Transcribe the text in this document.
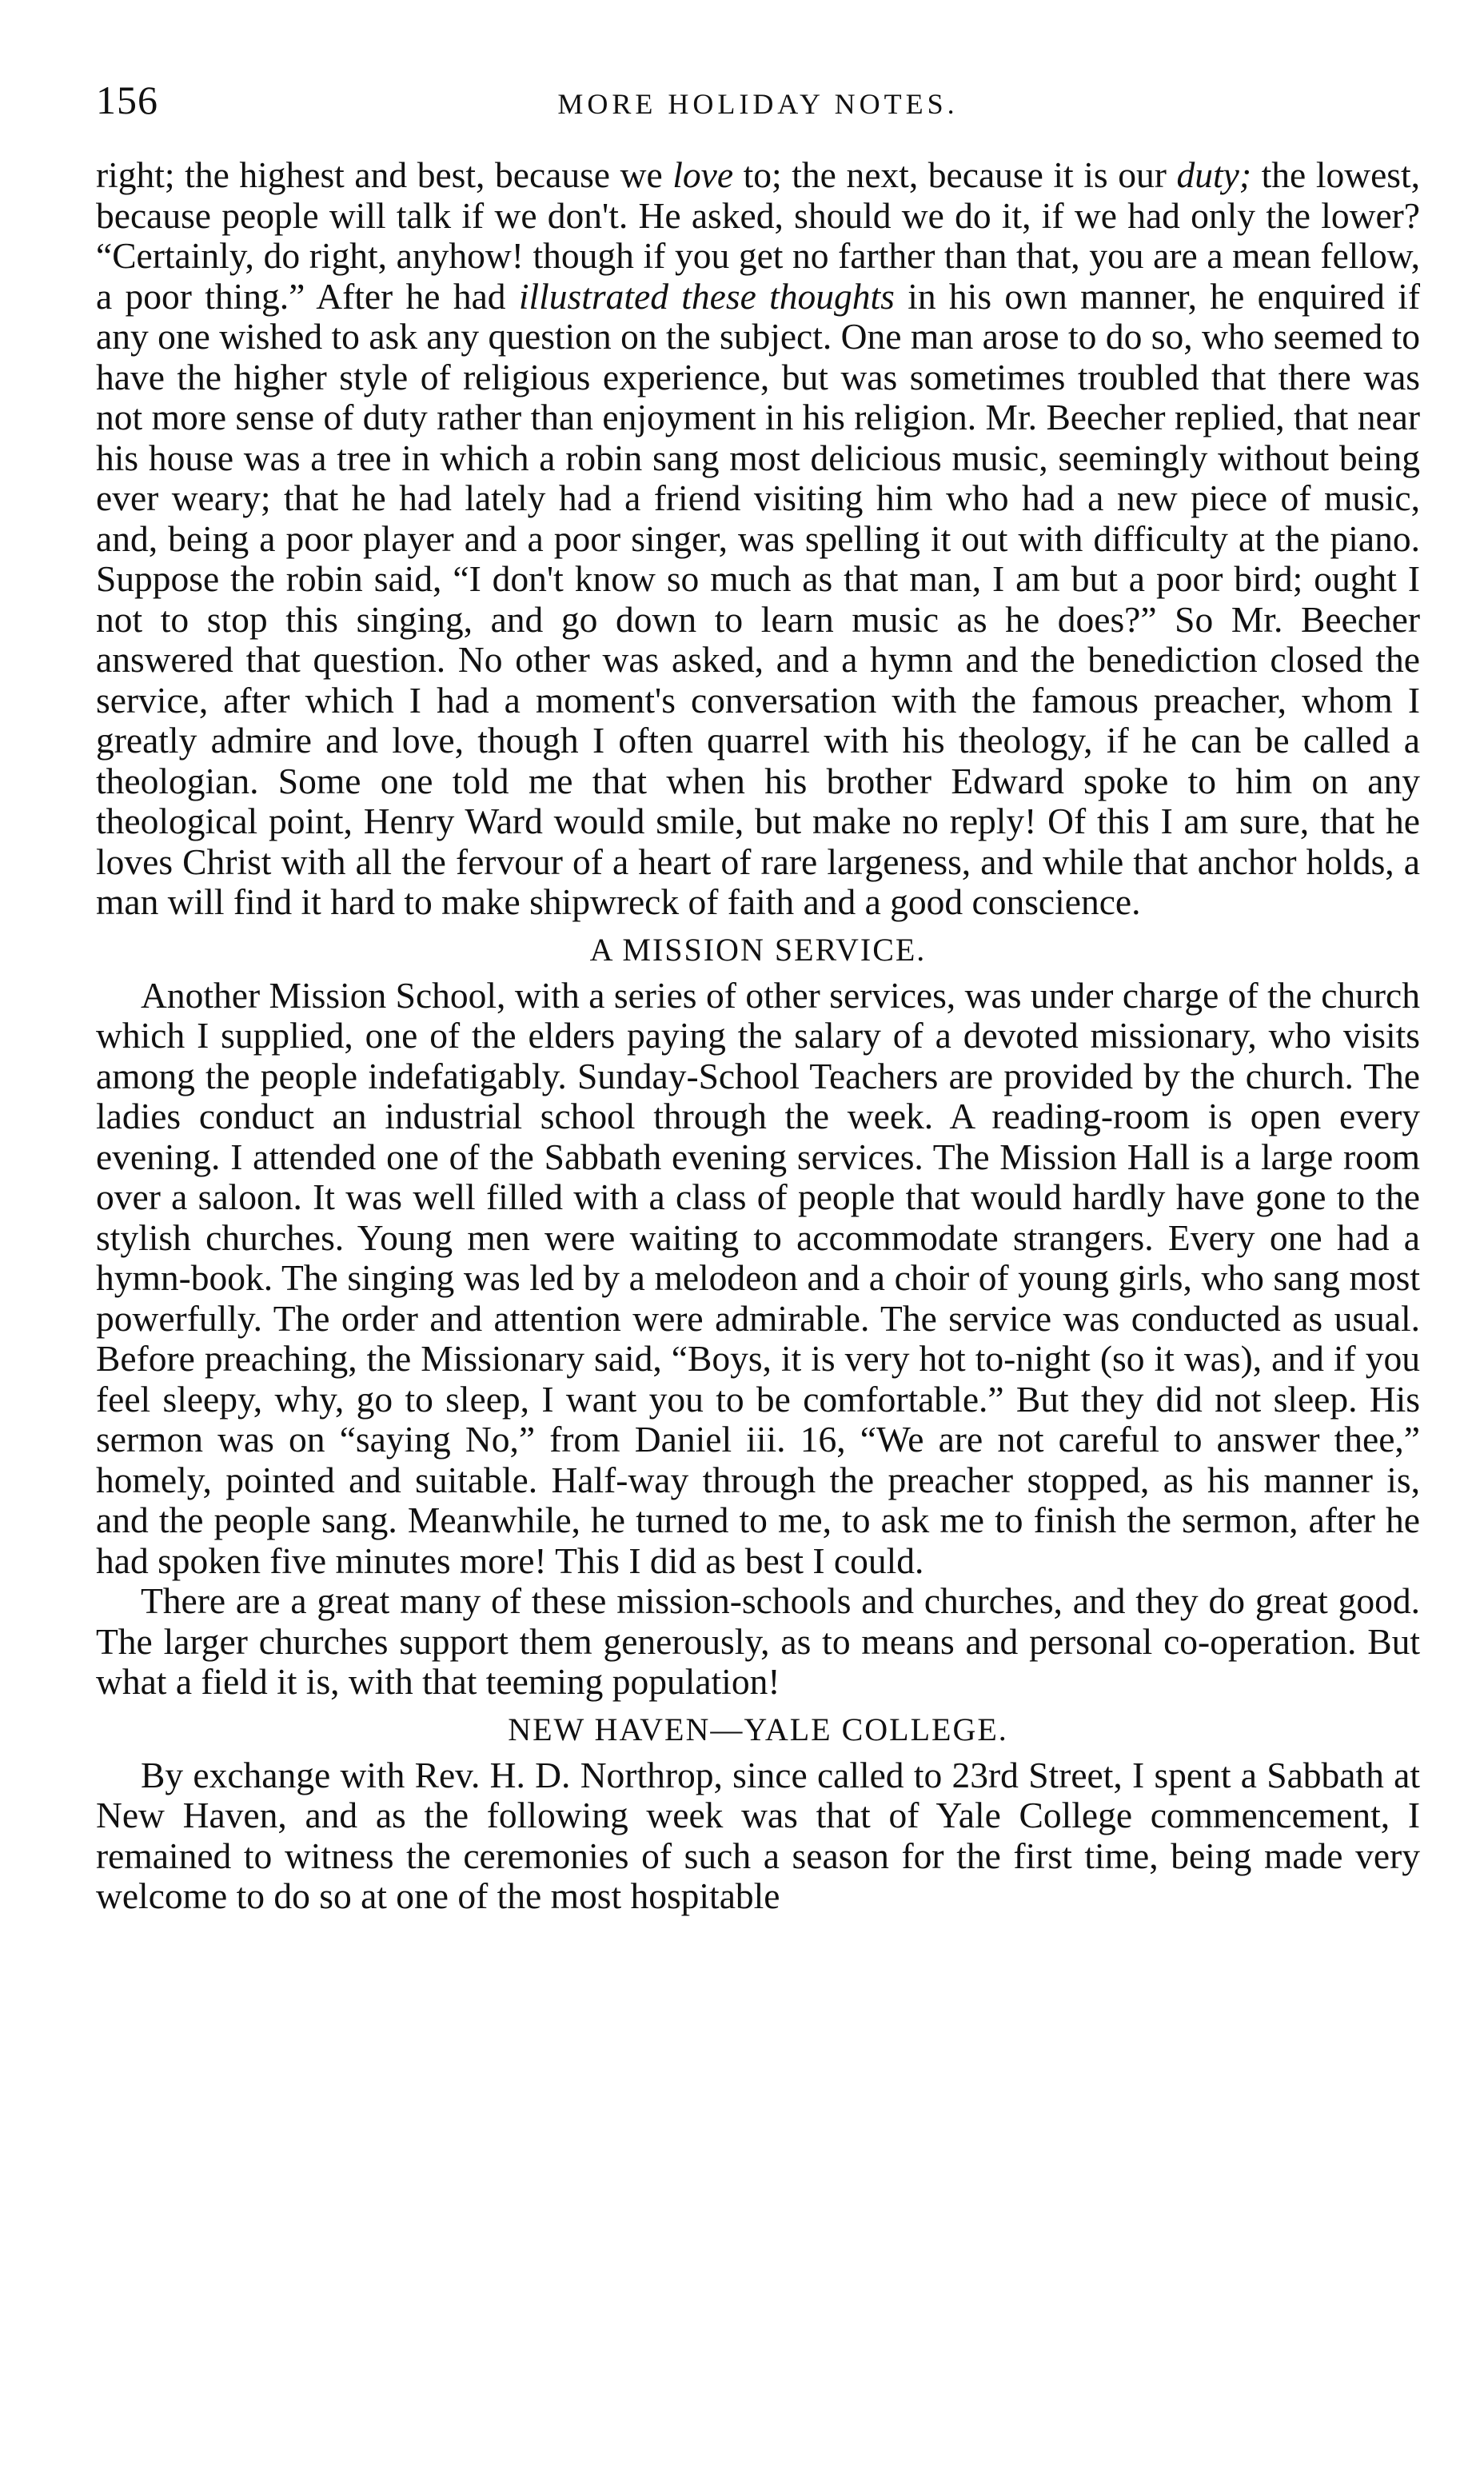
156	MORE HOLIDAY NOTES.

right; the highest and best, because we love to; the next, because it is our duty; the lowest, because people will talk if we don't. He asked, should we do it, if we had only the lower? “Certainly, do right, anyhow! though if you get no farther than that, you are a mean fellow, a poor thing.” After he had illustrated these thoughts in his own manner, he enquired if any one wished to ask any question on the subject. One man arose to do so, who seemed to have the higher style of religious experience, but was sometimes troubled that there was not more sense of duty rather than enjoyment in his religion. Mr. Beecher replied, that near his house was a tree in which a robin sang most delicious music, seemingly without being ever weary; that he had lately had a friend visiting him who had a new piece of music, and, being a poor player and a poor singer, was spelling it out with difficulty at the piano. Suppose the robin said, “I don't know so much as that man, I am but a poor bird; ought I not to stop this singing, and go down to learn music as he does?” So Mr. Beecher answered that question. No other was asked, and a hymn and the benediction closed the service, after which I had a moment's conversation with the famous preacher, whom I greatly admire and love, though I often quarrel with his theology, if he can be called a theologian. Some one told me that when his brother Edward spoke to him on any theological point, Henry Ward would smile, but make no reply! Of this I am sure, that he loves Christ with all the fervour of a heart of rare largeness, and while that anchor holds, a man will find it hard to make shipwreck of faith and a good conscience.

A MISSION SERVICE.

Another Mission School, with a series of other services, was under charge of the church which I supplied, one of the elders paying the salary of a devoted missionary, who visits among the people indefatigably. Sunday-School Teachers are provided by the church. The ladies conduct an industrial school through the week. A reading-room is open every evening. I attended one of the Sabbath evening services. The Mission Hall is a large room over a saloon. It was well filled with a class of people that would hardly have gone to the stylish churches. Young men were waiting to accommodate strangers. Every one had a hymn-book. The singing was led by a melodeon and a choir of young girls, who sang most powerfully. The order and attention were admirable. The service was conducted as usual. Before preaching, the Missionary said, “Boys, it is very hot to-night (so it was), and if you feel sleepy, why, go to sleep, I want you to be comfortable.” But they did not sleep. His sermon was on “saying No,” from Daniel iii. 16, “We are not careful to answer thee,” homely, pointed and suitable. Half-way through the preacher stopped, as his manner is, and the people sang. Meanwhile, he turned to me, to ask me to finish the sermon, after he had spoken five minutes more! This I did as best I could.

There are a great many of these mission-schools and churches, and they do great good. The larger churches support them generously, as to means and personal co-operation. But what a field it is, with that teeming population!

NEW HAVEN—YALE COLLEGE.

By exchange with Rev. H. D. Northrop, since called to 23rd Street, I spent a Sabbath at New Haven, and as the following week was that of Yale College commencement, I remained to witness the ceremonies of such a season for the first time, being made very welcome to do so at one of the most hospitable
